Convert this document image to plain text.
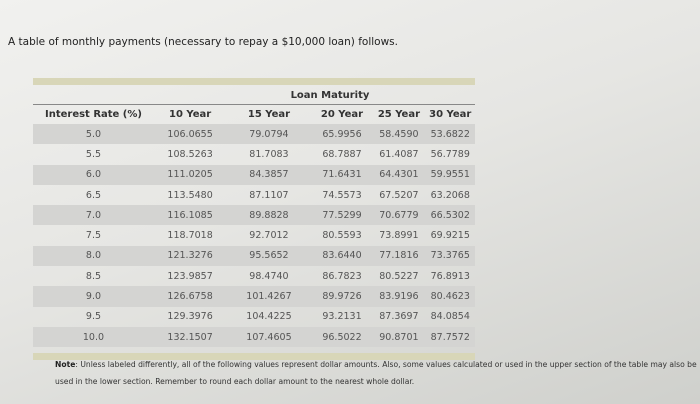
A table of monthly payments (necessary to repay a $10,000 loan) follows.
Loan Maturity
Interest Rate (%)	10 Year	15 Year	20 Year	25 Year	30 Year
5.0	106.0655	79.0794	65.9956	58.4590	53.6822
5.5	108.5263	81.7083	68.7887	61.4087	56.7789
6.0	111.0205	84.3857	71.6431	64.4301	59.9551
6.5	113.5480	87.1107	74.5573	67.5207	63.2068
7.0	116.1085	89.8828	77.5299	70.6779	66.5302
7.5	118.7018	92.7012	80.5593	73.8991	69.9215
8.0	121.3276	95.5652	83.6440	77.1816	73.3765
8.5	123.9857	98.4740	86.7823	80.5227	76.8913
9.0	126.6758	101.4267	89.9726	83.9196	80.4623
9.5	129.3976	104.4225	93.2131	87.3697	84.0854
10.0	132.1507	107.4605	96.5022	90.8701	87.7572
Note: Unless labeled differently, all of the following values represent dollar amounts. Also, some values calculated or used in the upper section of the table may also be used in the lower section. Remember to round each dollar amount to the nearest whole dollar.
